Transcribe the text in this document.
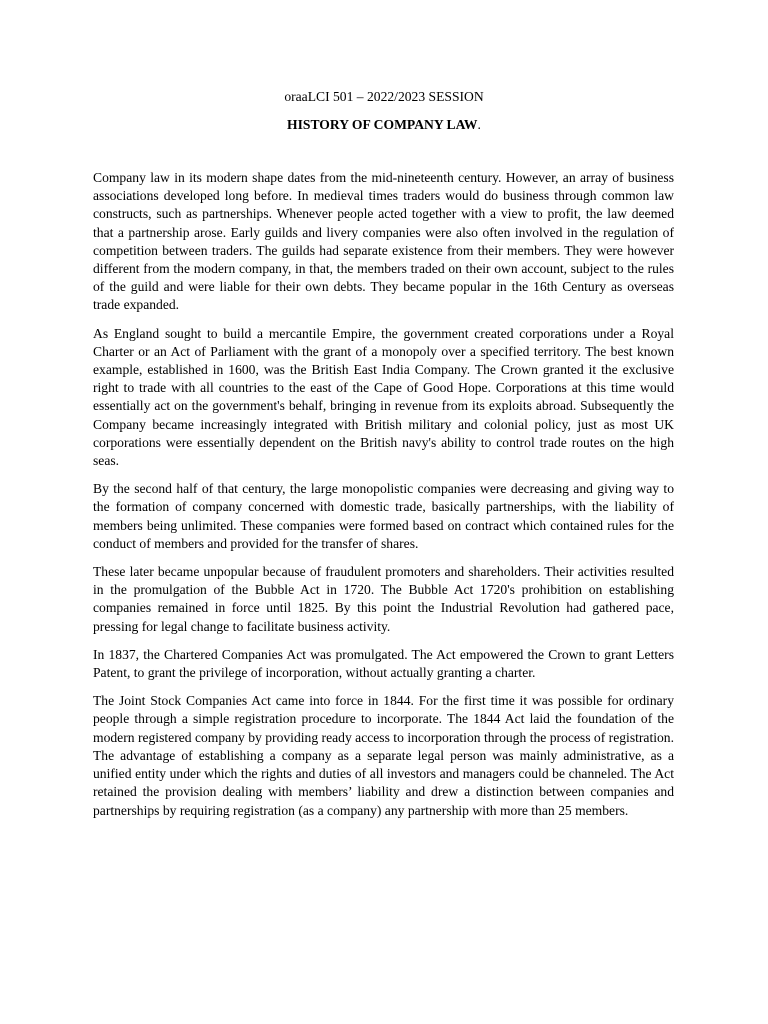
oraaLCI 501 – 2022/2023 SESSION

HISTORY OF COMPANY LAW.

Company law in its modern shape dates from the mid-nineteenth century. However, an array of business associations developed long before. In medieval times traders would do business through common law constructs, such as partnerships. Whenever people acted together with a view to profit, the law deemed that a partnership arose. Early guilds and livery companies were also often involved in the regulation of competition between traders. The guilds had separate existence from their members. They were however different from the modern company, in that, the members traded on their own account, subject to the rules of the guild and were liable for their own debts. They became popular in the 16th Century as overseas trade expanded.

As England sought to build a mercantile Empire, the government created corporations under a Royal Charter or an Act of Parliament with the grant of a monopoly over a specified territory. The best known example, established in 1600, was the British East India Company. The Crown granted it the exclusive right to trade with all countries to the east of the Cape of Good Hope. Corporations at this time would essentially act on the government's behalf, bringing in revenue from its exploits abroad. Subsequently the Company became increasingly integrated with British military and colonial policy, just as most UK corporations were essentially dependent on the British navy's ability to control trade routes on the high seas.

By the second half of that century, the large monopolistic companies were decreasing and giving way to the formation of company concerned with domestic trade, basically partnerships, with the liability of members being unlimited. These companies were formed based on contract which contained rules for the conduct of members and provided for the transfer of shares.

These later became unpopular because of fraudulent promoters and shareholders. Their activities resulted in the promulgation of the Bubble Act in 1720. The Bubble Act 1720's prohibition on establishing companies remained in force until 1825. By this point the Industrial Revolution had gathered pace, pressing for legal change to facilitate business activity.

In 1837, the Chartered Companies Act was promulgated. The Act empowered the Crown to grant Letters Patent, to grant the privilege of incorporation, without actually granting a charter.

The Joint Stock Companies Act came into force in 1844. For the first time it was possible for ordinary people through a simple registration procedure to incorporate. The 1844 Act laid the foundation of the modern registered company by providing ready access to incorporation through the process of registration. The advantage of establishing a company as a separate legal person was mainly administrative, as a unified entity under which the rights and duties of all investors and managers could be channeled. The Act retained the provision dealing with members’ liability and drew a distinction between companies and partnerships by requiring registration (as a company) any partnership with more than 25 members.
